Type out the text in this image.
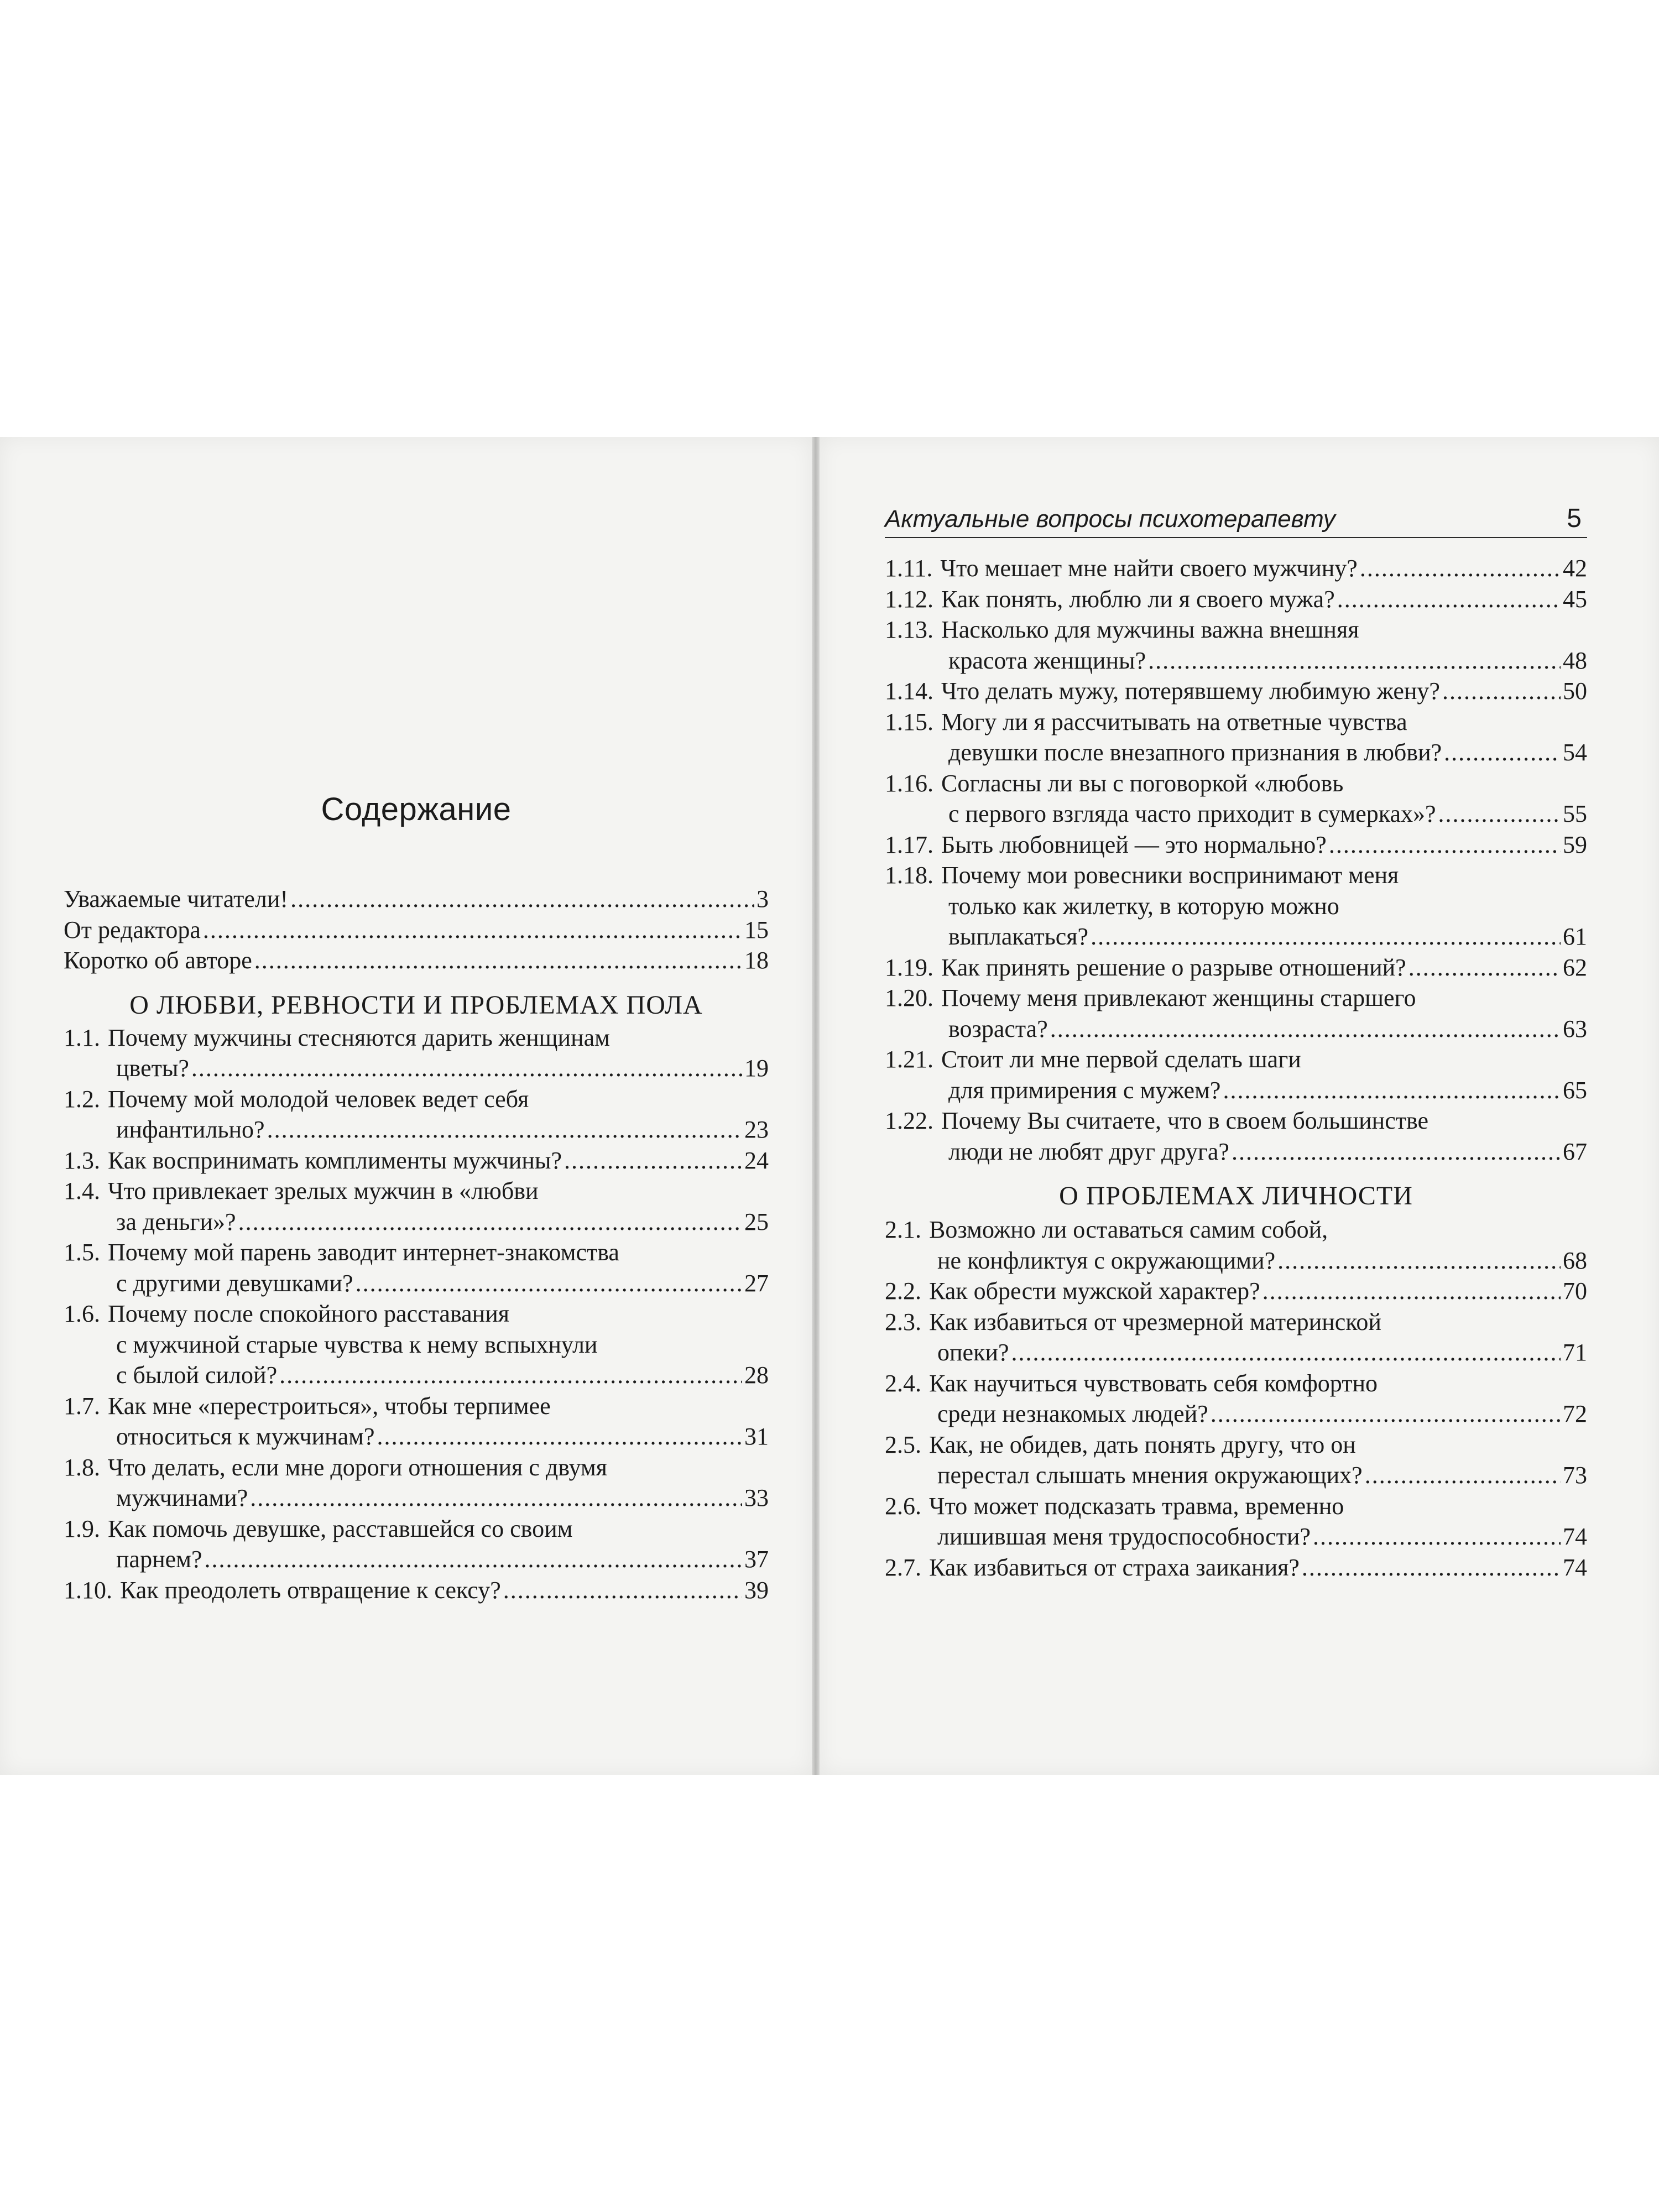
Содержание
Уважаемые читатели! .....	3
От редактора .....	15
Коротко об авторе .....	18
О ЛЮБВИ, РЕВНОСТИ И ПРОБЛЕМАХ ПОЛА
1.1. Почему мужчины стесняются дарить женщинам
цветы? .....	19
1.2. Почему мой молодой человек ведет себя
инфантильно? .....	23
1.3. Как воспринимать комплименты мужчины? .....	24
1.4. Что привлекает зрелых мужчин в «любви
за деньги»? .....	25
1.5. Почему мой парень заводит интернет-знакомства
с другими девушками? .....	27
1.6. Почему после спокойного расставания
с мужчиной старые чувства к нему вспыхнули
с былой силой? .....	28
1.7. Как мне «перестроиться», чтобы терпимее
относиться к мужчинам? .....	31
1.8. Что делать, если мне дороги отношения с двумя
мужчинами? .....	33
1.9. Как помочь девушке, расставшейся со своим
парнем? .....	37
1.10. Как преодолеть отвращение к сексу? .....	39
Актуальные вопросы психотерапевту	5
1.11. Что мешает мне найти своего мужчину? .....	42
1.12. Как понять, люблю ли я своего мужа? .....	45
1.13. Насколько для мужчины важна внешняя
красота женщины? .....	48
1.14. Что делать мужу, потерявшему любимую жену? .....	50
1.15. Могу ли я рассчитывать на ответные чувства
девушки после внезапного признания в любви? .....	54
1.16. Согласны ли вы с поговоркой «любовь
с первого взгляда часто приходит в сумерках»? .....	55
1.17. Быть любовницей — это нормально? .....	59
1.18. Почему мои ровесники воспринимают меня
только как жилетку, в которую можно
выплакаться? .....	61
1.19. Как принять решение о разрыве отношений? .....	62
1.20. Почему меня привлекают женщины старшего
возраста? .....	63
1.21. Стоит ли мне первой сделать шаги
для примирения с мужем? .....	65
1.22. Почему Вы считаете, что в своем большинстве
люди не любят друг друга? .....	67
О ПРОБЛЕМАХ ЛИЧНОСТИ
2.1. Возможно ли оставаться самим собой,
не конфликтуя с окружающими? .....	68
2.2. Как обрести мужской характер? .....	70
2.3. Как избавиться от чрезмерной материнской
опеки? .....	71
2.4. Как научиться чувствовать себя комфортно
среди незнакомых людей? .....	72
2.5. Как, не обидев, дать понять другу, что он
перестал слышать мнения окружающих? .....	73
2.6. Что может подсказать травма, временно
лишившая меня трудоспособности? .....	74
2.7. Как избавиться от страха заикания? .....	74
